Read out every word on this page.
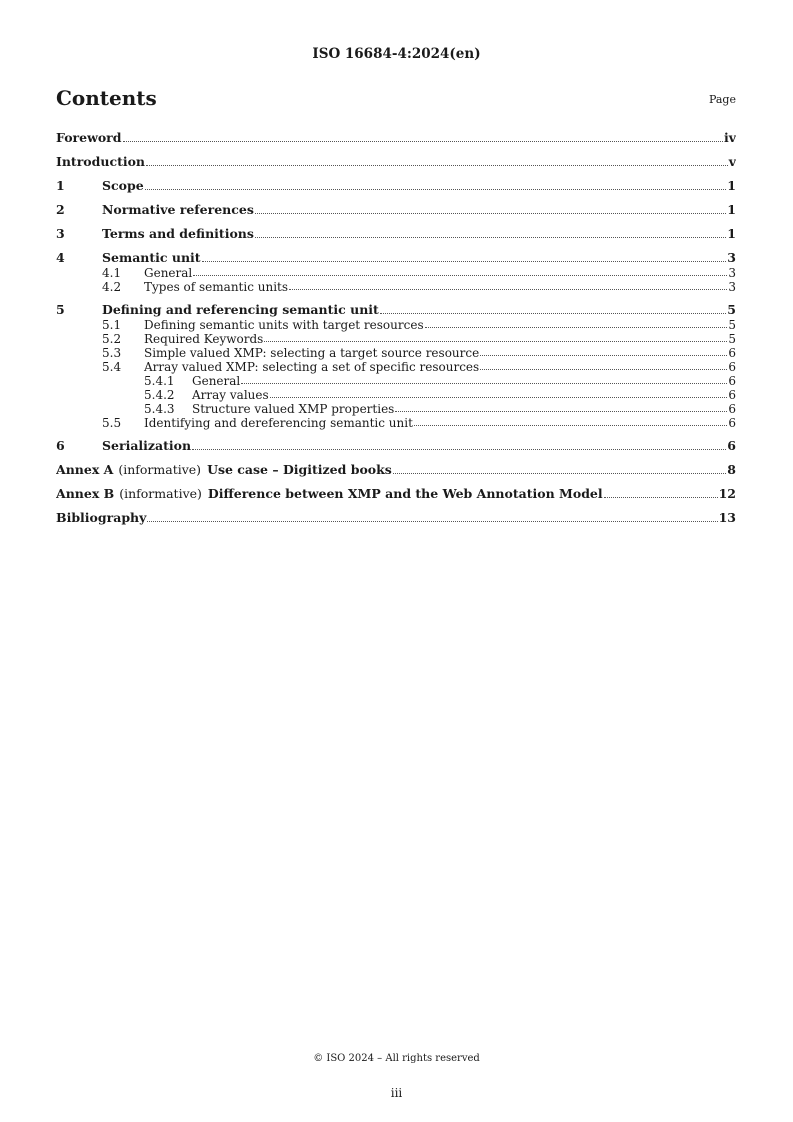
ISO 16684-4:2024(en)
Contents	Page
Foreword	iv
Introduction	v
1	Scope	1
2	Normative references	1
3	Terms and definitions	1
4	Semantic unit	3
4.1	General	3
4.2	Types of semantic units	3
5	Defining and referencing semantic unit	5
5.1	Defining semantic units with target resources	5
5.2	Required Keywords	5
5.3	Simple valued XMP: selecting a target source resource	6
5.4	Array valued XMP: selecting a set of specific resources	6
5.4.1	General	6
5.4.2	Array values	6
5.4.3	Structure valued XMP properties	6
5.5	Identifying and dereferencing semantic unit	6
6	Serialization	6
Annex A (informative) Use case – Digitized books	8
Annex B (informative) Difference between XMP and the Web Annotation Model	12
Bibliography	13
© ISO 2024 – All rights reserved
iii
